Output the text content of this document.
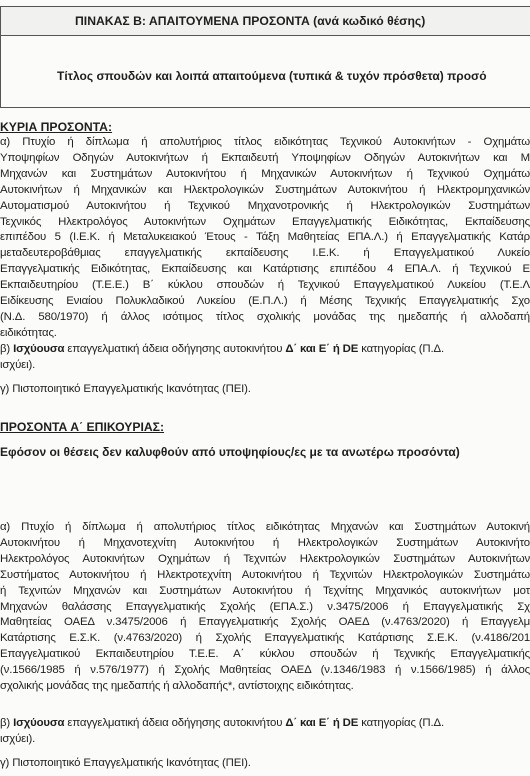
ΠΙΝΑΚΑΣ Β: ΑΠΑΙΤΟΥΜΕΝΑ ΠΡΟΣΟΝΤΑ (ανά κωδικό θέσης)
Τίτλος σπουδών και λοιπά απαιτούμενα (τυπικά & τυχόν πρόσθετα) προσό
ΚΥΡΙΑ ΠΡΟΣΟΝΤΑ:
α) Πτυχίο ή δίπλωμα ή απολυτήριος τίτλος ειδικότητας Τεχνικού Αυτοκινήτων - Οχημάτω
Υποψηφίων Οδηγών Αυτοκινήτων ή Εκπαιδευτή Υποψηφίων Οδηγών Αυτοκινήτων και Μ
Μηχανών και Συστημάτων Αυτοκινήτου ή Μηχανικών Αυτοκινήτων ή Τεχνικού Οχημάτω
Αυτοκινήτων ή Μηχανικών και Ηλεκτρολογικών Συστημάτων Αυτοκινήτου ή Ηλεκτρομηχανικών
Αυτοματισμού Αυτοκινήτου ή Τεχνικού Μηχανοτρονικής ή Ηλεκτρολογικών Συστημάτων
Τεχνικός Ηλεκτρολόγος Αυτοκινήτων Οχημάτων Επαγγελματικής Ειδικότητας, Εκπαίδευσης
επιπέδου 5 (Ι.Ε.Κ. ή Μεταλυκειακού Έτους - Τάξη Μαθητείας ΕΠΑ.Λ.) ή Επαγγελματικής Κατάρ
μεταδευτεροβάθμιας επαγγελματικής εκπαίδευσης Ι.Ε.Κ. ή Επαγγελματικού Λυκείο
Επαγγελματικής Ειδικότητας, Εκπαίδευσης και Κατάρτισης επιπέδου 4 ΕΠΑ.Λ. ή Τεχνικού Ε
Εκπαιδευτηρίου (Τ.Ε.Ε.) Β΄ κύκλου σπουδών ή Τεχνικού Επαγγελματικού Λυκείου (Τ.Ε.Λ
Ειδίκευσης Ενιαίου Πολυκλαδικού Λυκείου (Ε.Π.Λ.) ή Μέσης Τεχνικής Επαγγελματικής Σχο
(Ν.Δ. 580/1970) ή άλλος ισότιμος τίτλος σχολικής μονάδας της ημεδαπής ή αλλοδαπή
ειδικότητας.
β) Ισχύουσα επαγγελματική άδεια οδήγησης αυτοκινήτου Δ΄ και Ε΄ ή DE κατηγορίας (Π.Δ.
ισχύει).
γ) Πιστοποιητικό Επαγγελματικής Ικανότητας (ΠΕΙ).
ΠΡΟΣΟΝΤΑ Α΄ ΕΠΙΚΟΥΡΙΑΣ:
Εφόσον οι θέσεις δεν καλυφθούν από υποψηφίους/ες με τα ανωτέρω προσόντα)
α) Πτυχίο ή δίπλωμα ή απολυτήριος τίτλος ειδικότητας Μηχανών και Συστημάτων Αυτοκινή
Αυτοκινήτου ή Μηχανοτεχνίτη Αυτοκινήτου ή Ηλεκτρολογικών Συστημάτων Αυτοκινήτο
Ηλεκτρολόγος Αυτοκινήτων Οχημάτων ή Τεχνιτών Ηλεκτρολογικών Συστημάτων Αυτοκινήτων
Συστήματος Αυτοκινήτου ή Ηλεκτροτεχνίτη Αυτοκινήτου ή Τεχνιτών Ηλεκτρολογικών Συστημάτω
ή Τεχνιτών Μηχανών και Συστημάτων Αυτοκινήτου ή Τεχνίτης Μηχανικός αυτοκινήτων μοτ
Μηχανών θαλάσσης Επαγγελματικής Σχολής (ΕΠΑ.Σ.) ν.3475/2006 ή Επαγγελματικής Σχ
Μαθητείας ΟΑΕΔ ν.3475/2006 ή Επαγγελματικής Σχολής ΟΑΕΔ (ν.4763/2020) ή Επαγγελμ
Κατάρτισης Ε.Σ.Κ. (ν.4763/2020) ή Σχολής Επαγγελματικής Κατάρτισης Σ.Ε.Κ. (ν.4186/201
Επαγγελματικού Εκπαιδευτηρίου Τ.Ε.Ε. Α΄ κύκλου σπουδών ή Τεχνικής Επαγγελματικής
(ν.1566/1985 ή ν.576/1977) ή Σχολής Μαθητείας ΟΑΕΔ (ν.1346/1983 ή ν.1566/1985) ή άλλος
σχολικής μονάδας της ημεδαπής ή αλλοδαπής*, αντίστοιχης ειδικότητας.
β) Ισχύουσα επαγγελματική άδεια οδήγησης αυτοκινήτου Δ΄ και Ε΄ ή DE κατηγορίας (Π.Δ.
ισχύει).
γ) Πιστοποιητικό Επαγγελματικής Ικανότητας (ΠΕΙ).
